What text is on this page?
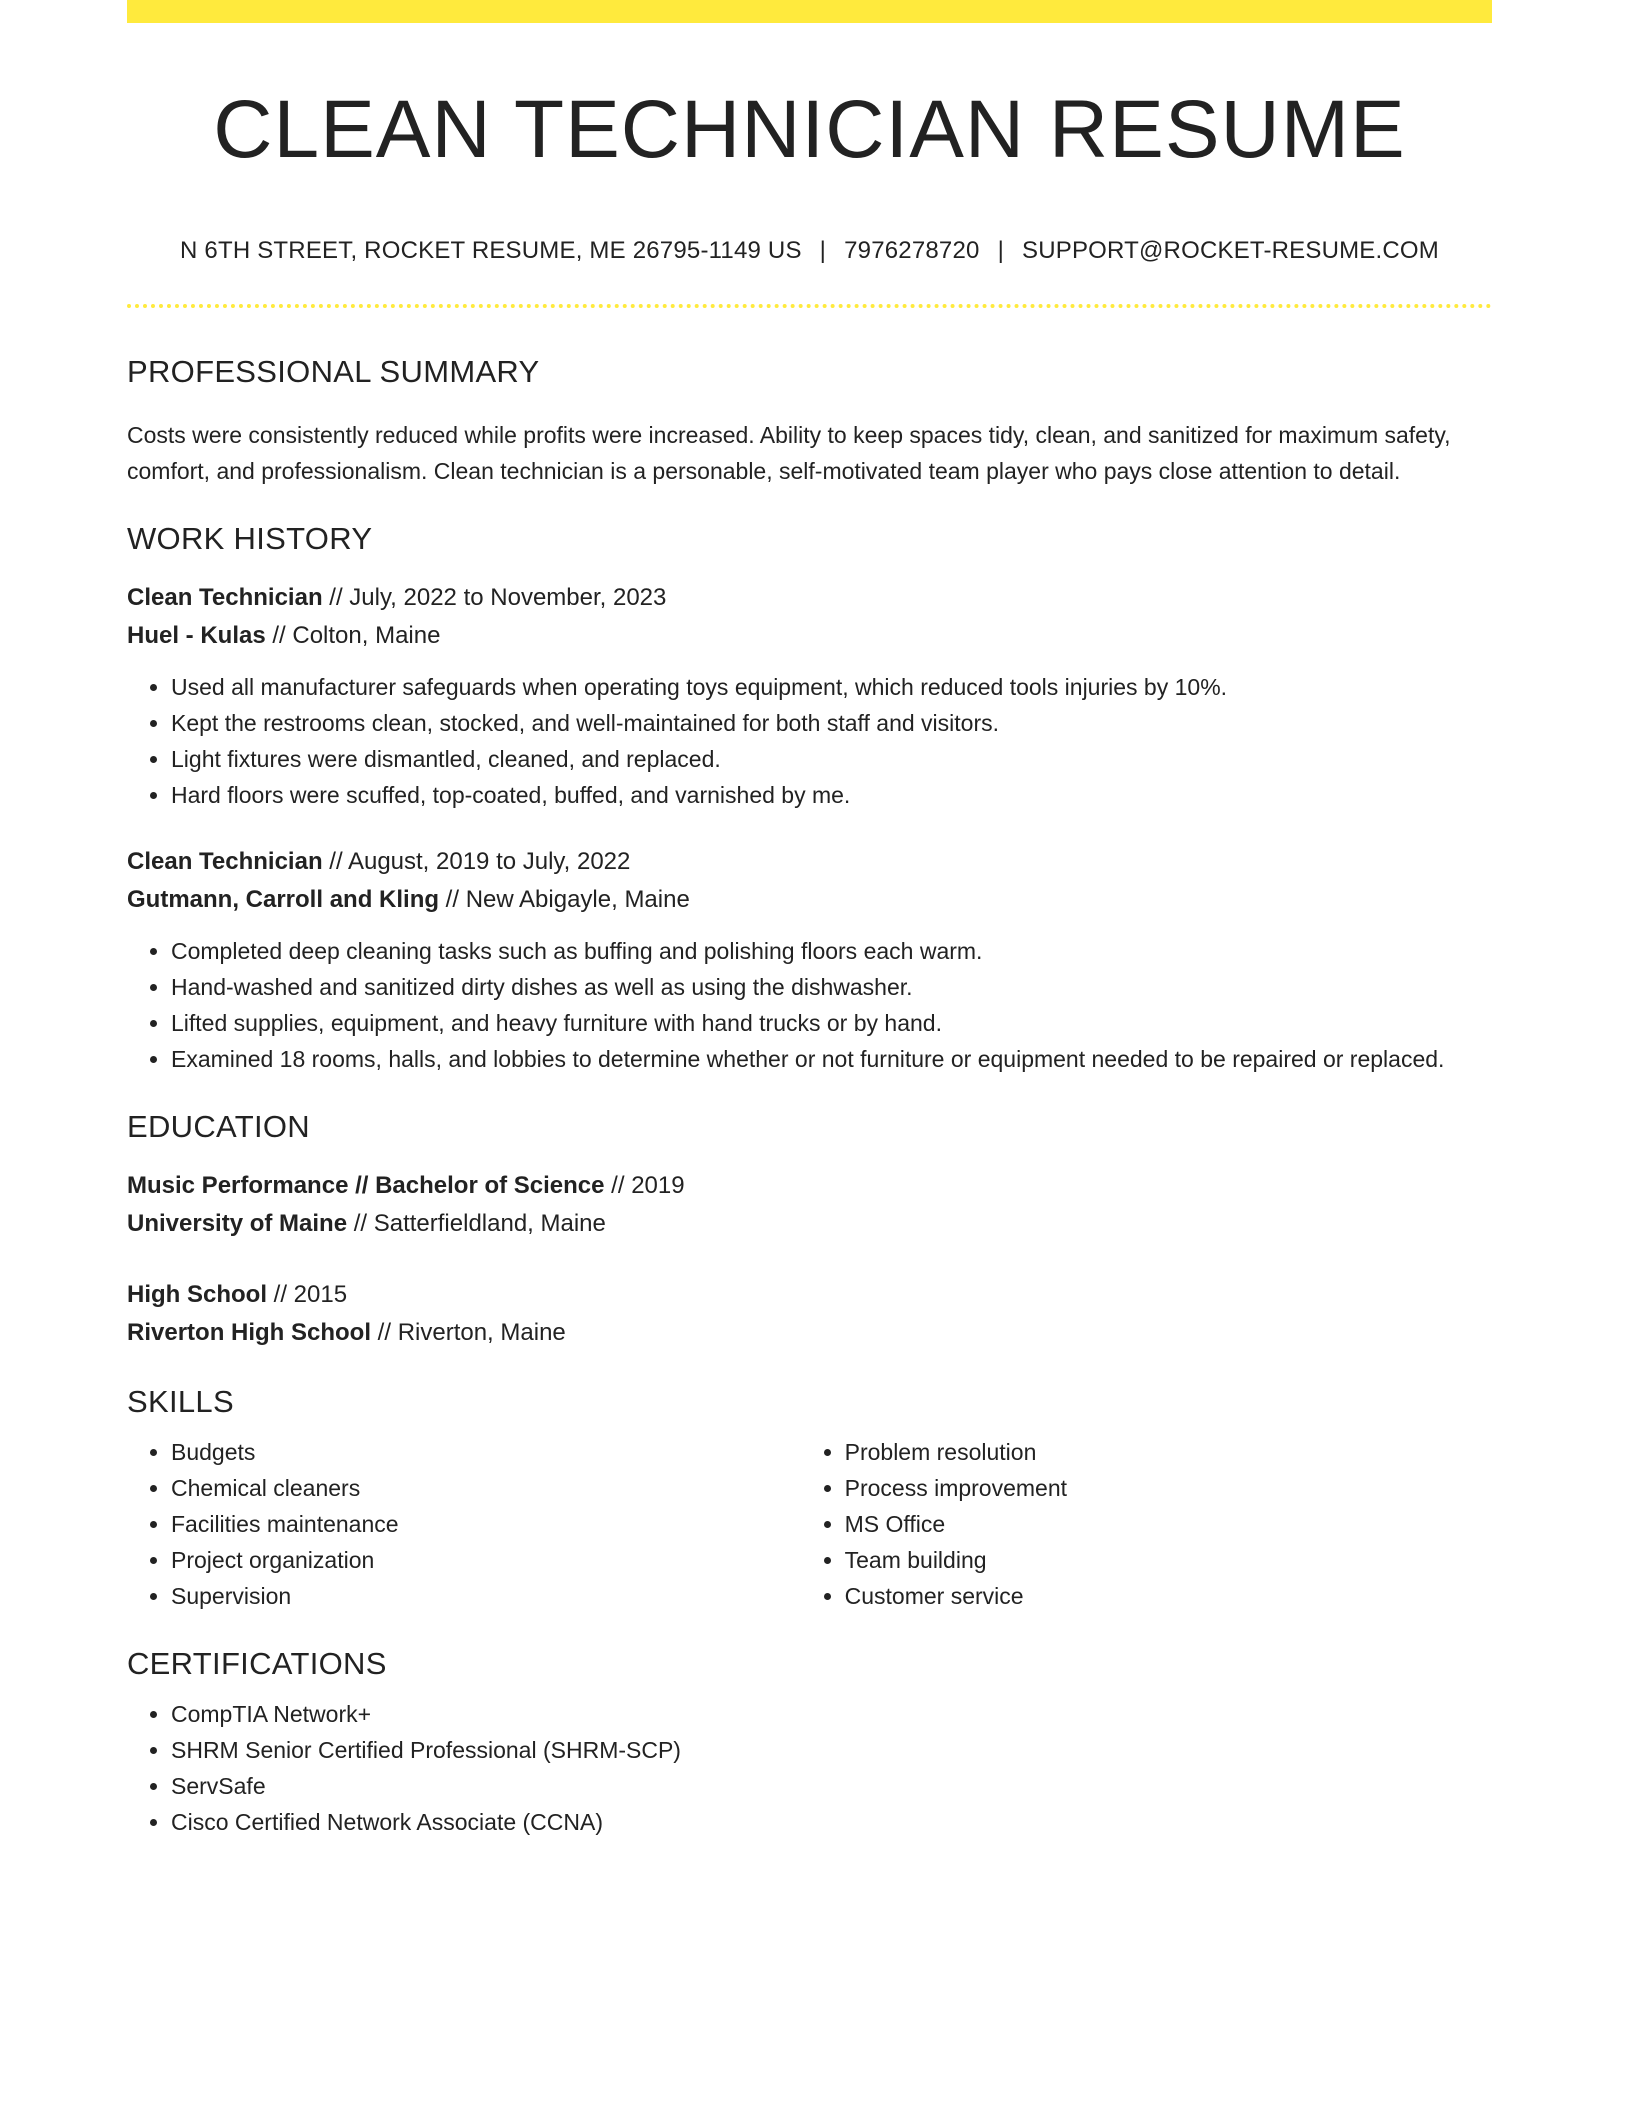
CLEAN TECHNICIAN RESUME
N 6TH STREET, ROCKET RESUME, ME 26795-1149 US | 7976278720 | SUPPORT@ROCKET-RESUME.COM
PROFESSIONAL SUMMARY

Costs were consistently reduced while profits were increased. Ability to keep spaces tidy, clean, and sanitized for maximum safety, comfort, and professionalism. Clean technician is a personable, self-motivated team player who pays close attention to detail.

WORK HISTORY
Clean Technician // July, 2022 to November, 2023
Huel - Kulas // Colton, Maine
• Used all manufacturer safeguards when operating toys equipment, which reduced tools injuries by 10%.
• Kept the restrooms clean, stocked, and well-maintained for both staff and visitors.
• Light fixtures were dismantled, cleaned, and replaced.
• Hard floors were scuffed, top-coated, buffed, and varnished by me.
Clean Technician // August, 2019 to July, 2022
Gutmann, Carroll and Kling // New Abigayle, Maine
• Completed deep cleaning tasks such as buffing and polishing floors each warm.
• Hand-washed and sanitized dirty dishes as well as using the dishwasher.
• Lifted supplies, equipment, and heavy furniture with hand trucks or by hand.
• Examined 18 rooms, halls, and lobbies to determine whether or not furniture or equipment needed to be repaired or replaced.
EDUCATION
Music Performance // Bachelor of Science // 2019
University of Maine // Satterfieldland, Maine
High School // 2015
Riverton High School // Riverton, Maine
SKILLS
• Budgets
• Chemical cleaners
• Facilities maintenance
• Project organization
• Supervision
• Problem resolution
• Process improvement
• MS Office
• Team building
• Customer service
CERTIFICATIONS
• CompTIA Network+
• SHRM Senior Certified Professional (SHRM-SCP)
• ServSafe
• Cisco Certified Network Associate (CCNA)
